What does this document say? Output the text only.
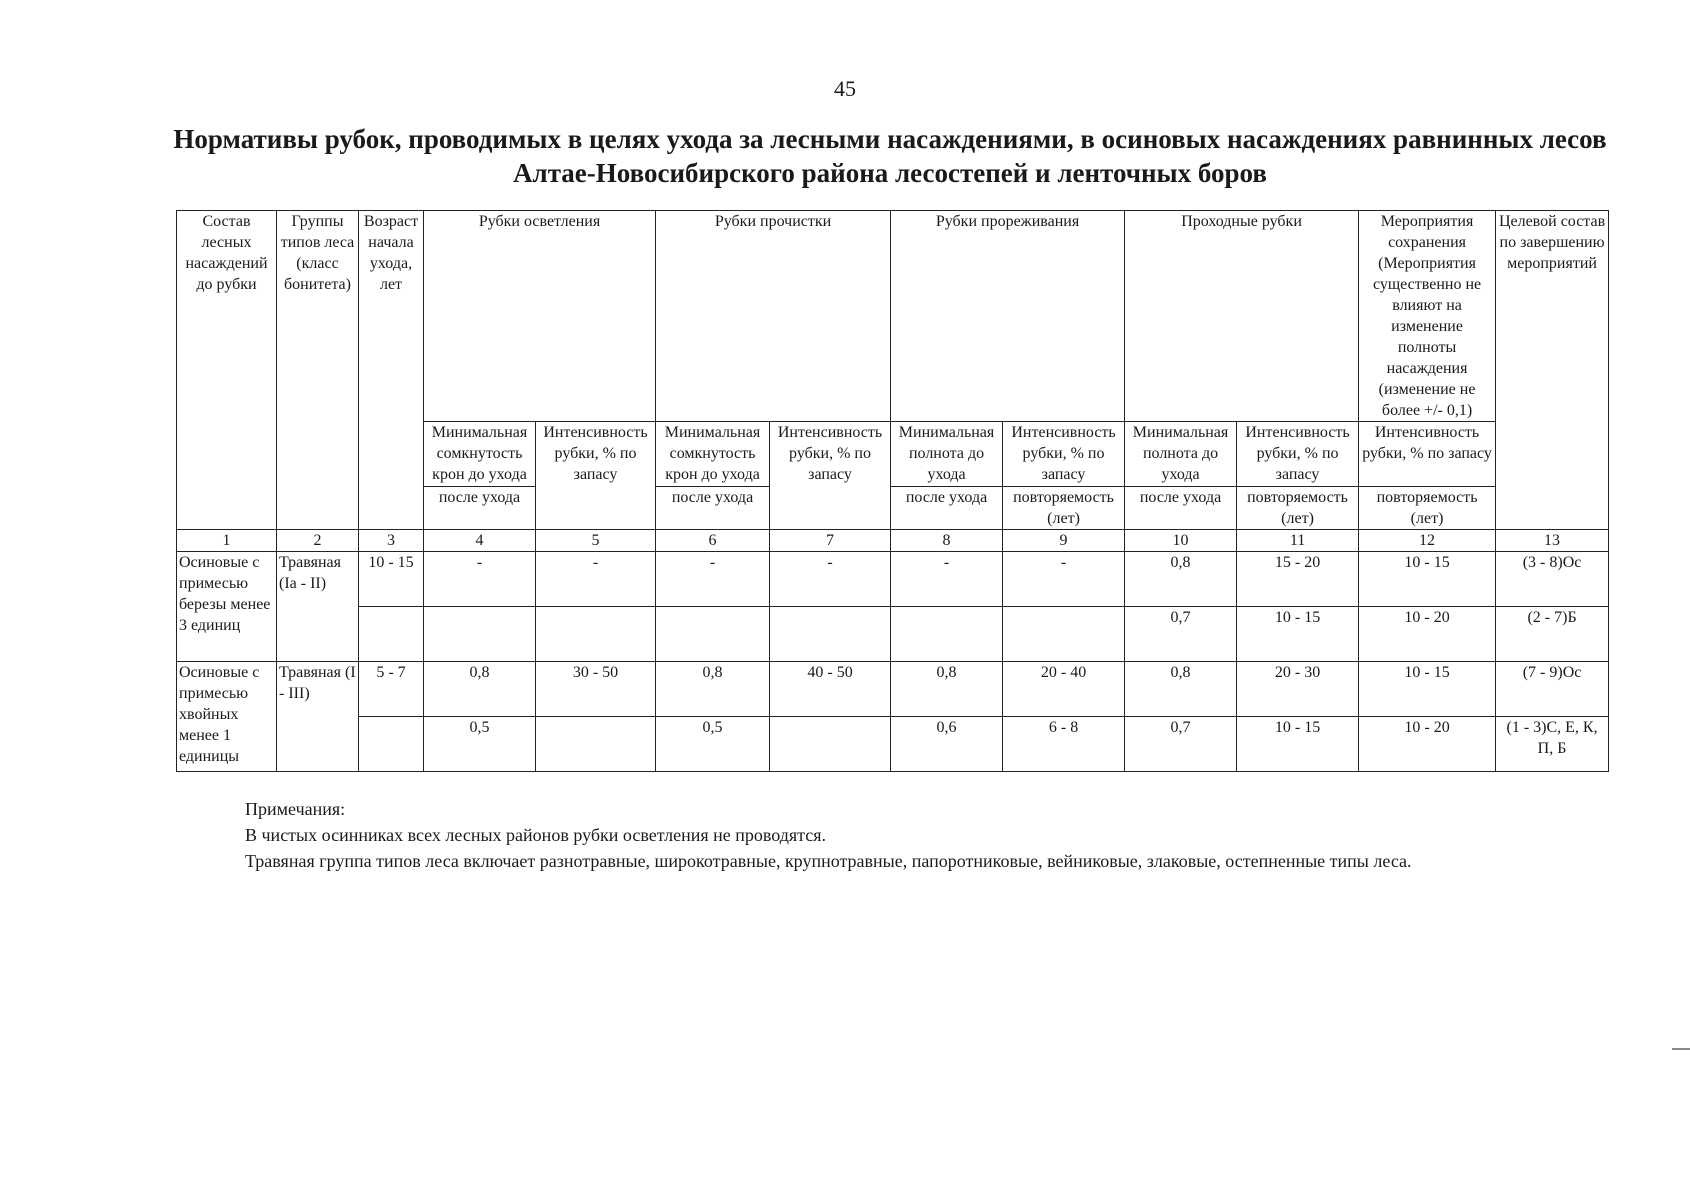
45
Нормативы рубок, проводимых в целях ухода за лесными насаждениями, в осиновых насаждениях равнинных лесов Алтае-Новосибирского района лесостепей и ленточных боров
Состав лесных насаждений до рубки	Группы типов леса (класс бонитета)	Возраст начала ухода, лет	Рубки осветления		Рубки прочистки		Рубки прореживания		Проходные рубки		Мероприятия сохранения (Мероприятия существенно не влияют на изменение полноты насаждения (изменение не более +/- 0,1)	Целевой состав по завершению мероприятий
			Минимальная сомкнутость крон до ухода	Интенсивность рубки, % по запасу	Минимальная сомкнутость крон до ухода	Интенсивность рубки, % по запасу	Минимальная полнота до ухода	Интенсивность рубки, % по запасу	Минимальная полнота до ухода	Интенсивность рубки, % по запасу	Интенсивность рубки, % по запасу	
			после ухода		после ухода		после ухода	повторяемость (лет)	после ухода	повторяемость (лет)	повторяемость (лет)	
1	2	3	4	5	6	7	8	9	10	11	12	13
Осиновые с примесью березы менее 3 единиц	Травяная (Iа - II)	10 - 15	-	-	-	-	-	-	0,8	15 - 20	10 - 15	(3 - 8)Ос
									0,7	10 - 15	10 - 20	(2 - 7)Б
Осиновые с примесью хвойных менее 1 единицы	Травяная (I - III)	5 - 7	0,8	30 - 50	0,8	40 - 50	0,8	20 - 40	0,8	20 - 30	10 - 15	(7 - 9)Ос
			0,5		0,5		0,6	6 - 8	0,7	10 - 15	10 - 20	(1 - 3)С, Е, К, П, Б
Примечания:
В чистых осинниках всех лесных районов рубки осветления не проводятся.
Травяная группа типов леса включает разнотравные, широкотравные, крупнотравные, папоротниковые, вейниковые, злаковые, остепненные типы леса.
